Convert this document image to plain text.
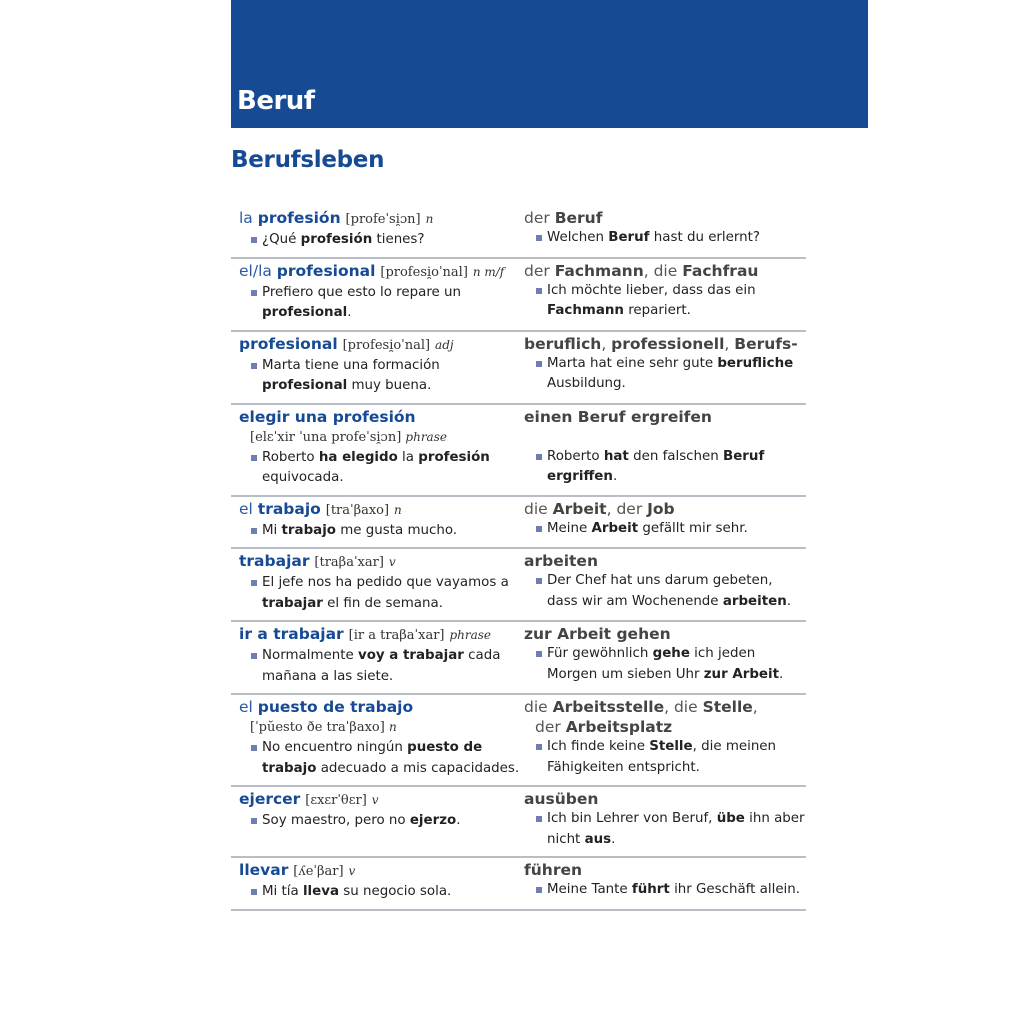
Beruf
Berufsleben
la profesión [profeˈsi̯ɔn] n
¿Qué profesión tienes?
der Beruf
Welchen Beruf hast du erlernt?
el/la profesional [profesi̯oˈnal] n m/f
Prefiero que esto lo repare un profesional.
der Fachmann, die Fachfrau
Ich möchte lieber, dass das ein Fachmann repariert.
profesional [profesi̯oˈnal] adj
Marta tiene una formación profesional muy buena.
beruflich, professionell, Berufs-
Marta hat eine sehr gute berufliche Ausbildung.
elegir una profesión
[elɛˈxir ˈuna profeˈsi̯ɔn] phrase
Roberto ha elegido la profesión equivocada.
einen Beruf ergreifen

Roberto hat den falschen Beruf ergriffen.
el trabajo [traˈβaxo] n
Mi trabajo me gusta mucho.
die Arbeit, der Job
Meine Arbeit gefällt mir sehr.
trabajar [traβaˈxar] v
El jefe nos ha pedido que vayamos a trabajar el fin de semana.
arbeiten
Der Chef hat uns darum gebeten, dass wir am Wochenende arbeiten.
ir a trabajar [ir a traβaˈxar] phrase
Normalmente voy a trabajar cada mañana a las siete.
zur Arbeit gehen
Für gewöhnlich gehe ich jeden Morgen um sieben Uhr zur Arbeit.
el puesto de trabajo
[ˈpŭesto ðe traˈβaxo] n
No encuentro ningún puesto de trabajo adecuado a mis capacidades.
die Arbeitsstelle, die Stelle,
der Arbeitsplatz
Ich finde keine Stelle, die meinen Fähigkeiten entspricht.
ejercer [ɛxɛrˈθɛr] v
Soy maestro, pero no ejerzo.
ausüben
Ich bin Lehrer von Beruf, übe ihn aber nicht aus.
llevar [ʎeˈβar] v
Mi tía lleva su negocio sola.
führen
Meine Tante führt ihr Geschäft allein.
